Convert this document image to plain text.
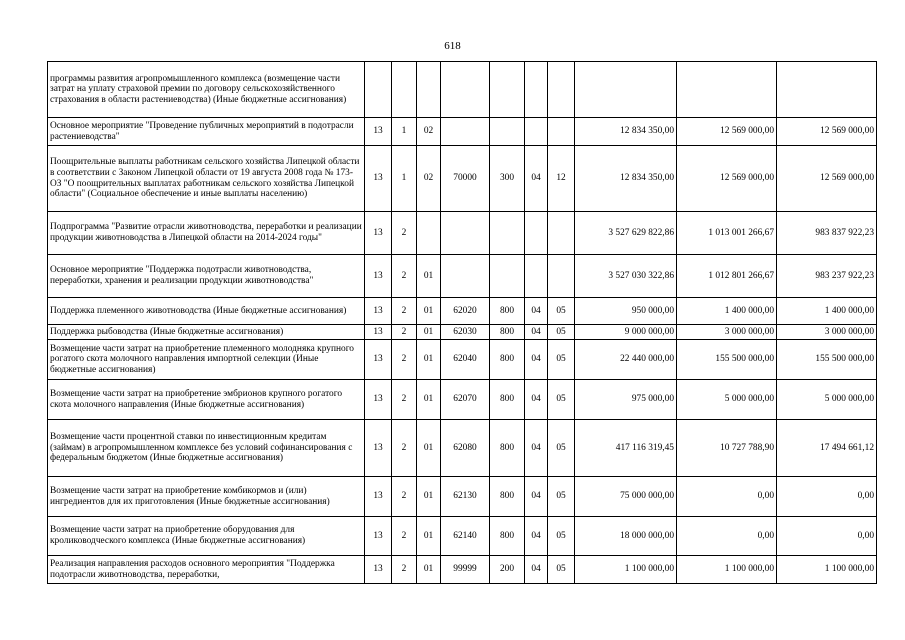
618
программы развития агропромышленного комплекса (возмещение части затрат на уплату страховой премии по договору сельскохозяйственного страхования в области растениеводства) (Иные бюджетные ассигнования)										
Основное мероприятие "Проведение публичных мероприятий в подотрасли растениеводства"	13	1	02					12 834 350,00	12 569 000,00	12 569 000,00
Поощрительные выплаты работникам сельского хозяйства Липецкой области в соответствии с Законом Липецкой области от 19 августа 2008 года № 173-ОЗ "О поощрительных выплатах работникам сельского хозяйства Липецкой области" (Социальное обеспечение и иные выплаты населению)	13	1	02	70000	300	04	12	12 834 350,00	12 569 000,00	12 569 000,00
Подпрограмма "Развитие отрасли животноводства, переработки и реализации продукции животноводства в Липецкой области на 2014-2024 годы"	13	2						3 527 629 822,86	1 013 001 266,67	983 837 922,23
Основное мероприятие "Поддержка подотрасли животноводства, переработки, хранения и реализации продукции животноводства"	13	2	01					3 527 030 322,86	1 012 801 266,67	983 237 922,23
Поддержка племенного животноводства (Иные бюджетные ассигнования)	13	2	01	62020	800	04	05	950 000,00	1 400 000,00	1 400 000,00
Поддержка рыбоводства (Иные бюджетные ассигнования)	13	2	01	62030	800	04	05	9 000 000,00	3 000 000,00	3 000 000,00
Возмещение части затрат на приобретение племенного молодняка крупного рогатого скота молочного направления импортной селекции (Иные бюджетные ассигнования)	13	2	01	62040	800	04	05	22 440 000,00	155 500 000,00	155 500 000,00
Возмещение части затрат на приобретение эмбрионов крупного рогатого скота молочного направления (Иные бюджетные ассигнования)	13	2	01	62070	800	04	05	975 000,00	5 000 000,00	5 000 000,00
Возмещение части процентной ставки по инвестиционным кредитам (займам) в агропромышленном комплексе без условий софинансирования с федеральным бюджетом (Иные бюджетные ассигнования)	13	2	01	62080	800	04	05	417 116 319,45	10 727 788,90	17 494 661,12
Возмещение части затрат на приобретение комбикормов и (или) ингредиентов для их приготовления (Иные бюджетные ассигнования)	13	2	01	62130	800	04	05	75 000 000,00	0,00	0,00
Возмещение части затрат на приобретение оборудования для кролиководческого комплекса (Иные бюджетные ассигнования)	13	2	01	62140	800	04	05	18 000 000,00	0,00	0,00
Реализация направления расходов основного мероприятия "Поддержка подотрасли животноводства, переработки,	13	2	01	99999	200	04	05	1 100 000,00	1 100 000,00	1 100 000,00
